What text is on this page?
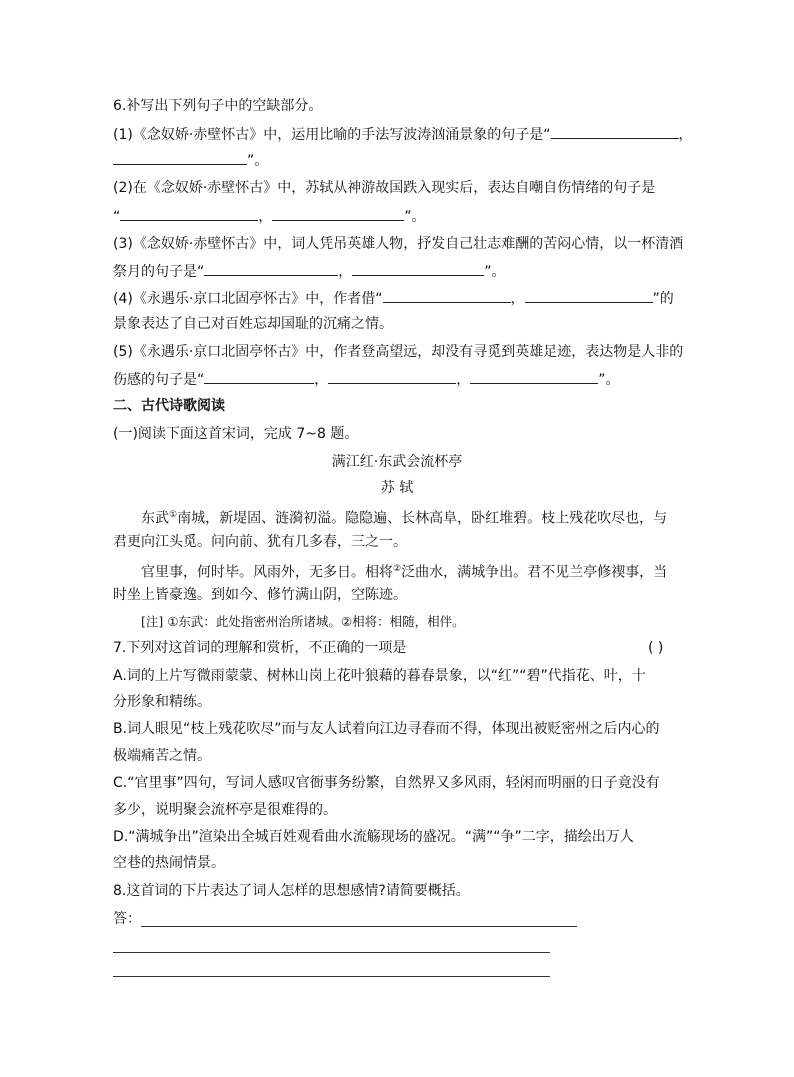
6.补写出下列句子中的空缺部分。
(1)《念奴娇·赤壁怀古》中，运用比喻的手法写波涛汹涌景象的句子是“	，
”。
(2)在《念奴娇·赤壁怀古》中，苏轼从神游故国跌入现实后，表达自嘲自伤情绪的句子是
“	，	”。
(3)《念奴娇·赤壁怀古》中，词人凭吊英雄人物，抒发自己壮志难酬的苦闷心情，以一杯清酒
祭月的句子是“	，	”。
(4)《永遇乐·京口北固亭怀古》中，作者借“	，	”的
景象表达了自己对百姓忘却国耻的沉痛之情。
(5)《永遇乐·京口北固亭怀古》中，作者登高望远，却没有寻觅到英雄足迹，表达物是人非的
伤感的句子是“	，	，	”。
二、古代诗歌阅读
(一)阅读下面这首宋词，完成 7~8 题。
满江红·东武会流杯亭
苏 轼
东武①南城，新堤固、涟漪初溢。隐隐遍、长林高阜，卧红堆碧。枝上残花吹尽也，与
君更向江头觅。问向前、犹有几多春，三之一。
官里事，何时毕。风雨外，无多日。相将②泛曲水，满城争出。君不见兰亭修禊事，当
时坐上皆豪逸。到如今、修竹满山阴，空陈迹。
[注] ①东武：此处指密州治所诸城。②相将：相随，相伴。
7.下列对这首词的理解和赏析，不正确的一项是	( )
A.词的上片写微雨蒙蒙、树林山岗上花叶狼藉的暮春景象，以“红”“碧”代指花、叶，十
分形象和精练。
B.词人眼见“枝上残花吹尽”而与友人试着向江边寻春而不得，体现出被贬密州之后内心的
极端痛苦之情。
C.“官里事”四句，写词人感叹官衙事务纷繁，自然界又多风雨，轻闲而明丽的日子竟没有
多少，说明聚会流杯亭是很难得的。
D.“满城争出”渲染出全城百姓观看曲水流觞现场的盛况。“满”“争”二字，描绘出万人
空巷的热闹情景。
8.这首词的下片表达了词人怎样的思想感情?请简要概括。
答：
